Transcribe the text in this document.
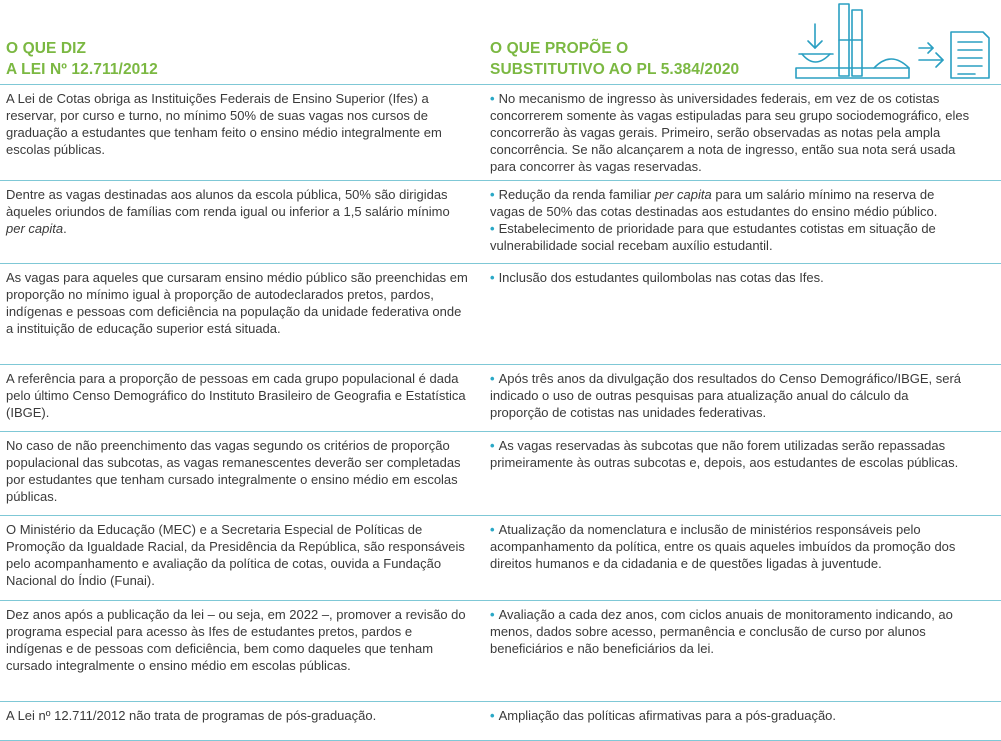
O QUE DIZ
A LEI Nº 12.711/2012
O QUE PROPÕE O
SUBSTITUTIVO AO PL 5.384/2020
A Lei de Cotas obriga as Instituições Federais de Ensino Superior (Ifes) a reservar, por curso e turno, no mínimo 50% de suas vagas nos cursos de graduação a estudantes que tenham feito o ensino médio integralmente em escolas públicas.
• No mecanismo de ingresso às universidades federais, em vez de os cotistas concorrerem somente às vagas estipuladas para seu grupo sociodemográfico, eles concorrerão às vagas gerais. Primeiro, serão observadas as notas pela ampla concorrência. Se não alcançarem a nota de ingresso, então sua nota será usada para concorrer às vagas reservadas.
Dentre as vagas destinadas aos alunos da escola pública, 50% são dirigidas àqueles oriundos de famílias com renda igual ou inferior a 1,5 salário mínimo per capita.
• Redução da renda familiar per capita para um salário mínimo na reserva de vagas de 50% das cotas destinadas aos estudantes do ensino médio público.
• Estabelecimento de prioridade para que estudantes cotistas em situação de vulnerabilidade social recebam auxílio estudantil.
As vagas para aqueles que cursaram ensino médio público são preenchidas em proporção no mínimo igual à proporção de autodeclarados pretos, pardos, indígenas e pessoas com deficiência na população da unidade federativa onde a instituição de educação superior está situada.
• Inclusão dos estudantes quilombolas nas cotas das Ifes.
A referência para a proporção de pessoas em cada grupo populacional é dada pelo último Censo Demográfico do Instituto Brasileiro de Geografia e Estatística (IBGE).
• Após três anos da divulgação dos resultados do Censo Demográfico/IBGE, será indicado o uso de outras pesquisas para atualização anual do cálculo da proporção de cotistas nas unidades federativas.
No caso de não preenchimento das vagas segundo os critérios de proporção populacional das subcotas, as vagas remanescentes deverão ser completadas por estudantes que tenham cursado integralmente o ensino médio em escolas públicas.
• As vagas reservadas às subcotas que não forem utilizadas serão repassadas primeiramente às outras subcotas e, depois, aos estudantes de escolas públicas.
O Ministério da Educação (MEC) e a Secretaria Especial de Políticas de Promoção da Igualdade Racial, da Presidência da República, são responsáveis pelo acompanhamento e avaliação da política de cotas, ouvida a Fundação Nacional do Índio (Funai).
• Atualização da nomenclatura e inclusão de ministérios responsáveis pelo acompanhamento da política, entre os quais aqueles imbuídos da promoção dos direitos humanos e da cidadania e de questões ligadas à juventude.
Dez anos após a publicação da lei – ou seja, em 2022 –, promover a revisão do programa especial para acesso às Ifes de estudantes pretos, pardos e indígenas e de pessoas com deficiência, bem como daqueles que tenham cursado integralmente o ensino médio em escolas públicas.
• Avaliação a cada dez anos, com ciclos anuais de monitoramento indicando, ao menos, dados sobre acesso, permanência e conclusão de curso por alunos beneficiários e não beneficiários da lei.
A Lei nº 12.711/2012 não trata de programas de pós-graduação.	• Ampliação das políticas afirmativas para a pós-graduação.
